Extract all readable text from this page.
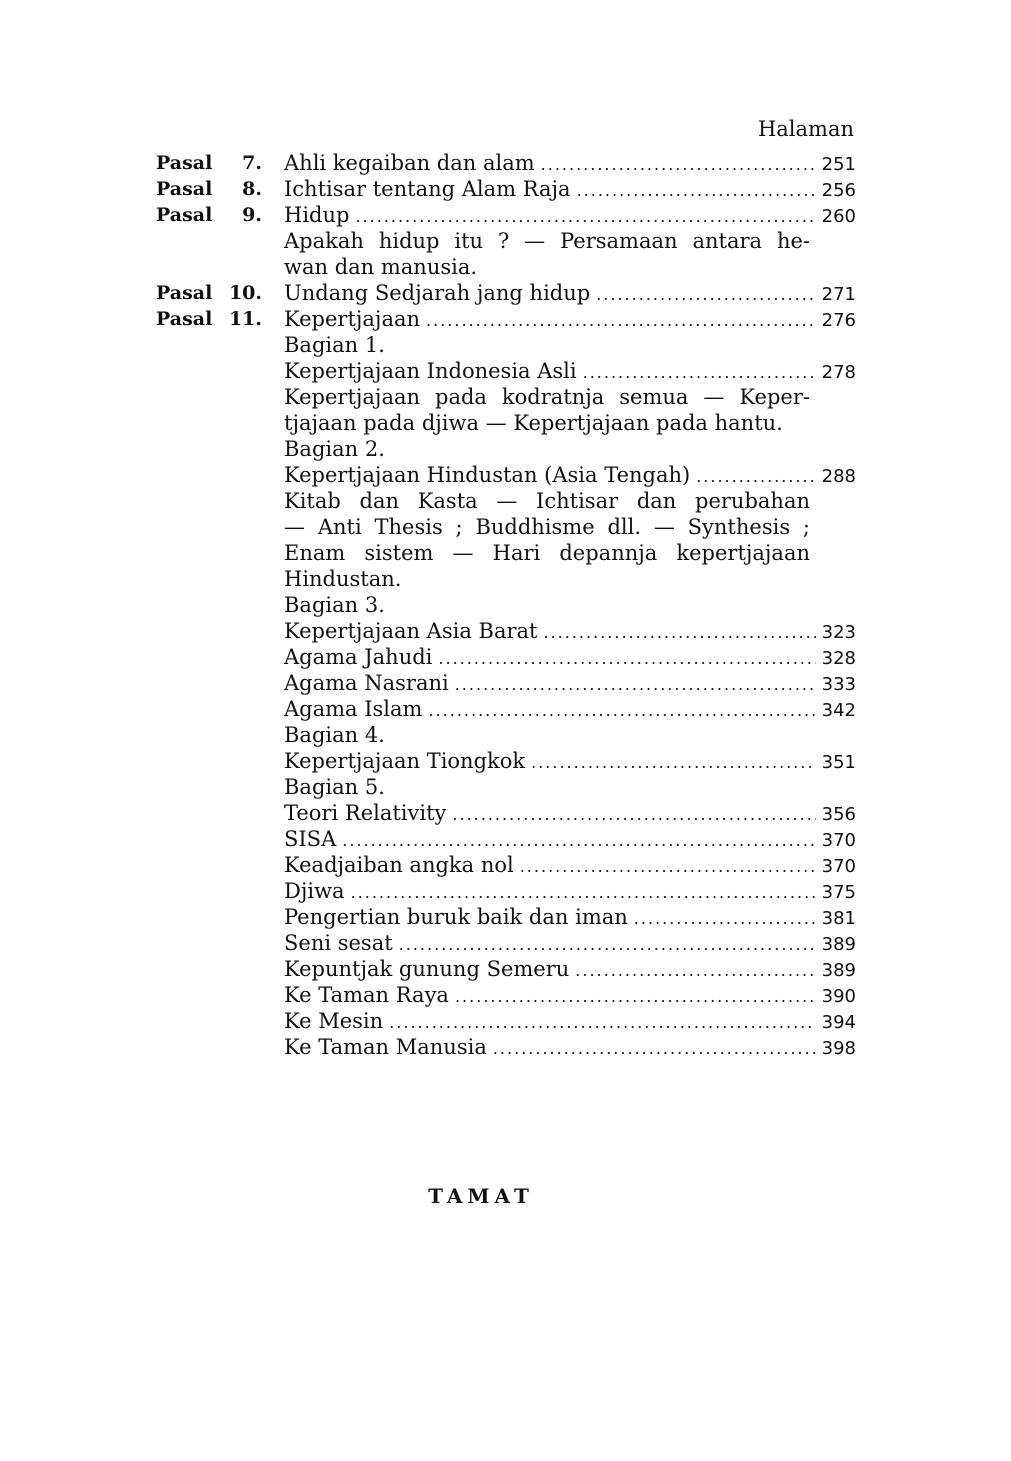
Halaman
Pasal 7. Ahli kegaiban dan alam .....	251
Pasal 8. Ichtisar tentang Alam Raja .....	256
Pasal 9. Hidup .....	260
Apakah hidup itu ? — Persamaan antara he-
wan dan manusia.
Pasal 10. Undang Sedjarah jang hidup .....	271
Pasal 11. Kepertjajaan .....	276
Bagian 1.
Kepertjajaan Indonesia Asli .....	278
Kepertjajaan pada kodratnja semua — Keper-
tjajaan pada djiwa — Kepertjajaan pada hantu.
Bagian 2.
Kepertjajaan Hindustan (Asia Tengah) .....	288
Kitab dan Kasta — Ichtisar dan perubahan
— Anti Thesis ; Buddhisme dll. — Synthesis ;
Enam sistem — Hari depannja kepertjajaan
Hindustan.
Bagian 3.
Kepertjajaan Asia Barat .....	323
Agama Jahudi .....	328
Agama Nasrani .....	333
Agama Islam .....	342
Bagian 4.
Kepertjajaan Tiongkok .....	351
Bagian 5.
Teori Relativity .....	356
SISA .....	370
Keadjaiban angka nol .....	370
Djiwa .....	375
Pengertian buruk baik dan iman .....	381
Seni sesat .....	389
Kepuntjak gunung Semeru .....	389
Ke Taman Raya .....	390
Ke Mesin .....	394
Ke Taman Manusia .....	398
TAMAT
